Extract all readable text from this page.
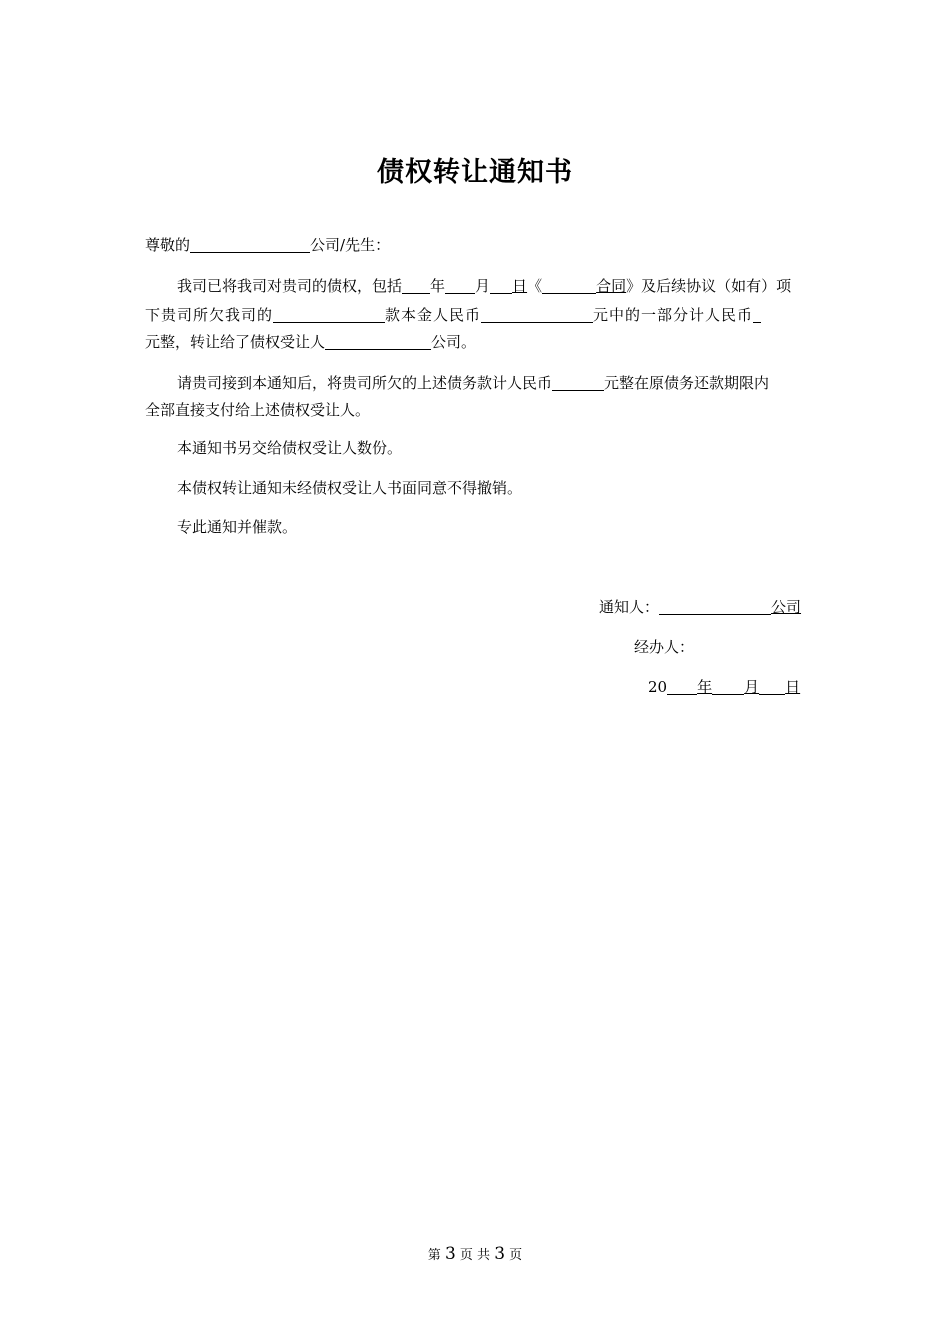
债权转让通知书
尊敬的	公司/先生：
我司已将我司对贵司的债权，包括 年 月 日《	合同》及后续协议（如有）项
下贵司所欠我司的	款本金人民币	元中的一部分计人民币
元整，转让给了债权受让人	公司。
请贵司接到本通知后，将贵司所欠的上述债务款计人民币	元整在原债务还款期限内
全部直接支付给上述债权受让人。
本通知书另交给债权受让人数份。
本债权转让通知未经债权受让人书面同意不得撤销。
专此通知并催款。
通知人：	公司
经办人：
20 年 月 日
第 3 页 共 3 页
